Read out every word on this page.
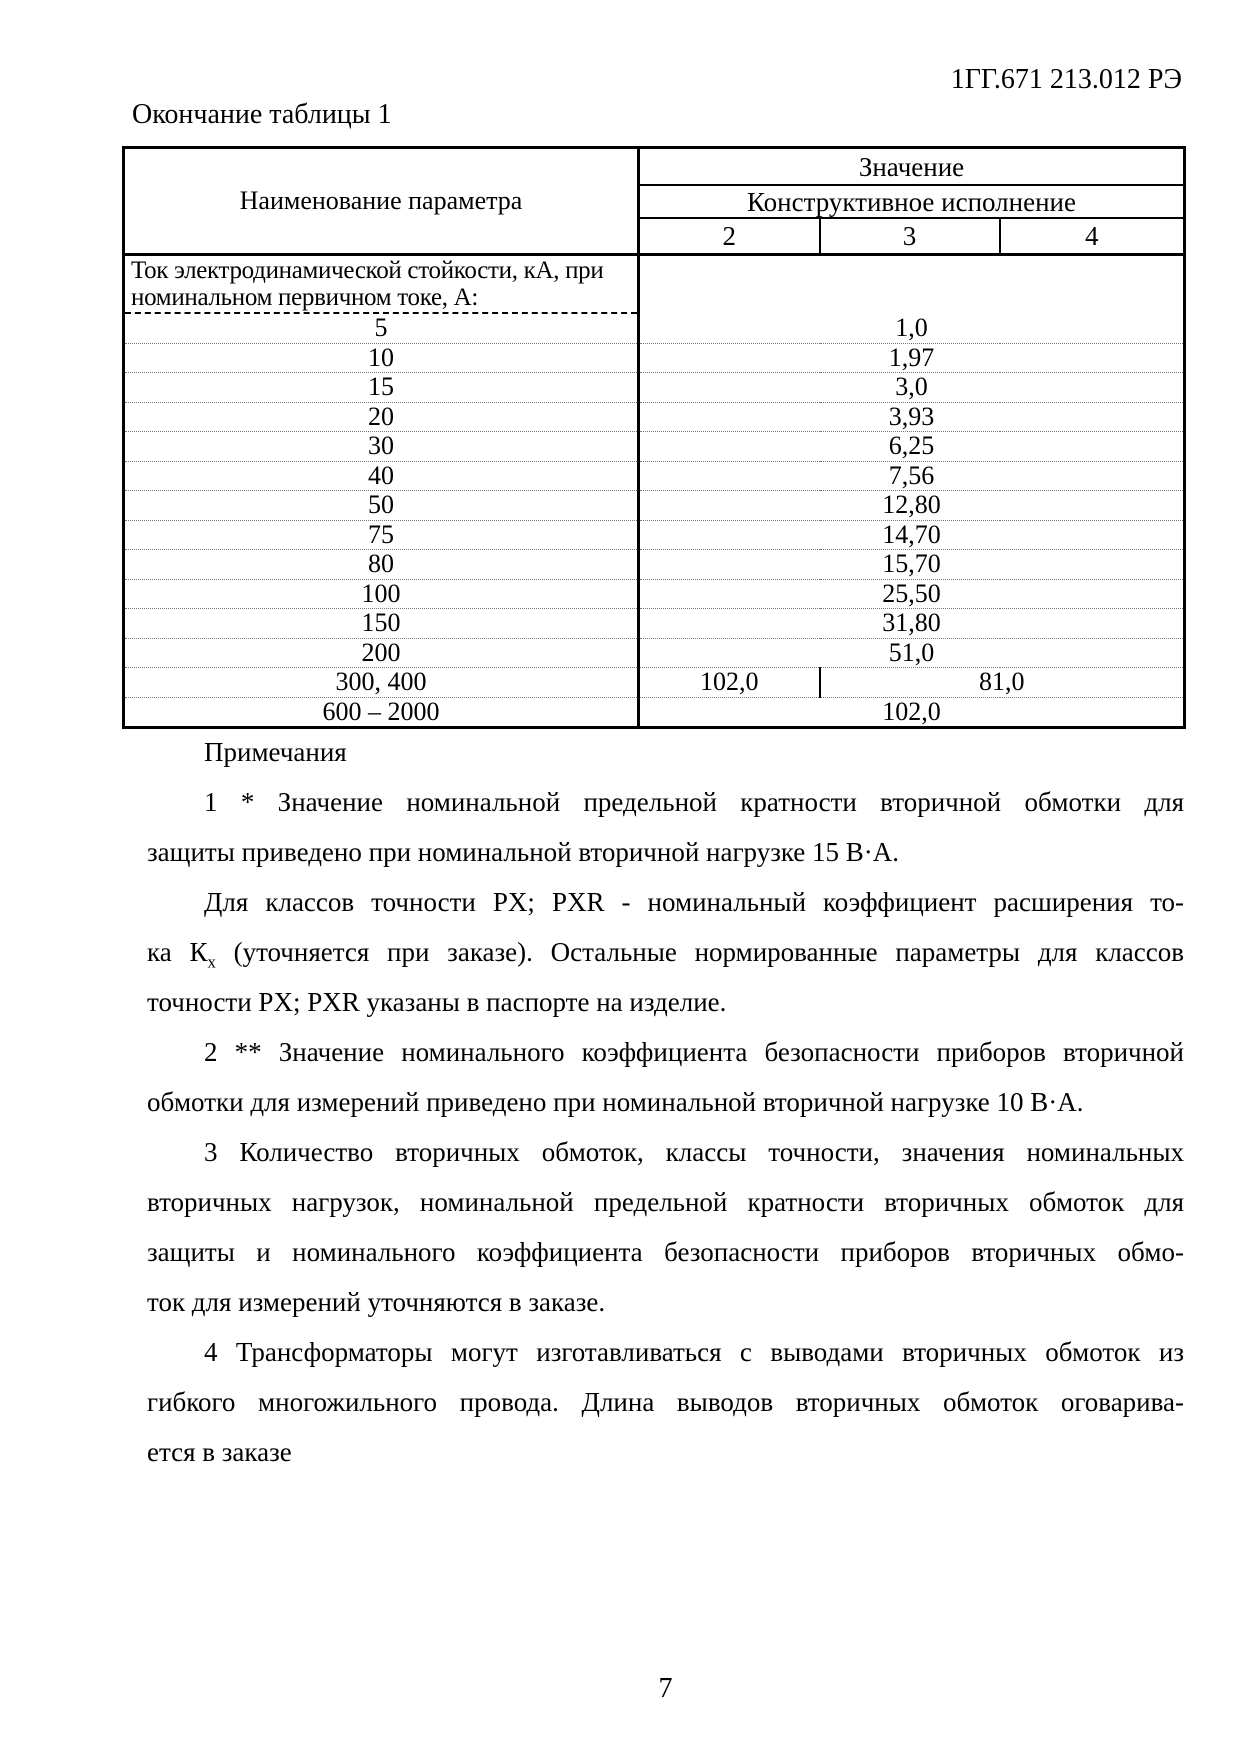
1ГГ.671 213.012 РЭ
Окончание таблицы 1
Наименование параметра	Значение		
	Конструктивное исполнение		
	2	3	4

Ток электродинамической стойкости, кА, при
номинальном первичном токе, А:			

5	1,0		
10	1,97		
15	3,0		
20	3,93		
30	6,25		
40	7,56		
50	12,80		
75	14,70		
80	15,70		
100	25,50		
150	31,80		
200	51,0		
300, 400	102,0	81,0	
600 – 2000	102,0		
Примечания
1 * Значение номинальной предельной кратности вторичной обмотки для
защиты приведено при номинальной вторичной нагрузке 15 В·А.
Для классов точности PX; PXR - номинальный коэффициент расширения то-
ка $К_х$ (уточняется при заказе). Остальные нормированные параметры для классов
точности PX; PXR указаны в паспорте на изделие.
2 ** Значение номинального коэффициента безопасности приборов вторичной
обмотки для измерений приведено при номинальной вторичной нагрузке 10 В·А.
3 Количество вторичных обмоток, классы точности, значения номинальных
вторичных нагрузок, номинальной предельной кратности вторичных обмоток для
защиты и номинального коэффициента безопасности приборов вторичных обмо-
ток для измерений уточняются в заказе.
4 Трансформаторы могут изготавливаться с выводами вторичных обмоток из
гибкого многожильного провода. Длина выводов вторичных обмоток оговарива-
ется в заказе
7
